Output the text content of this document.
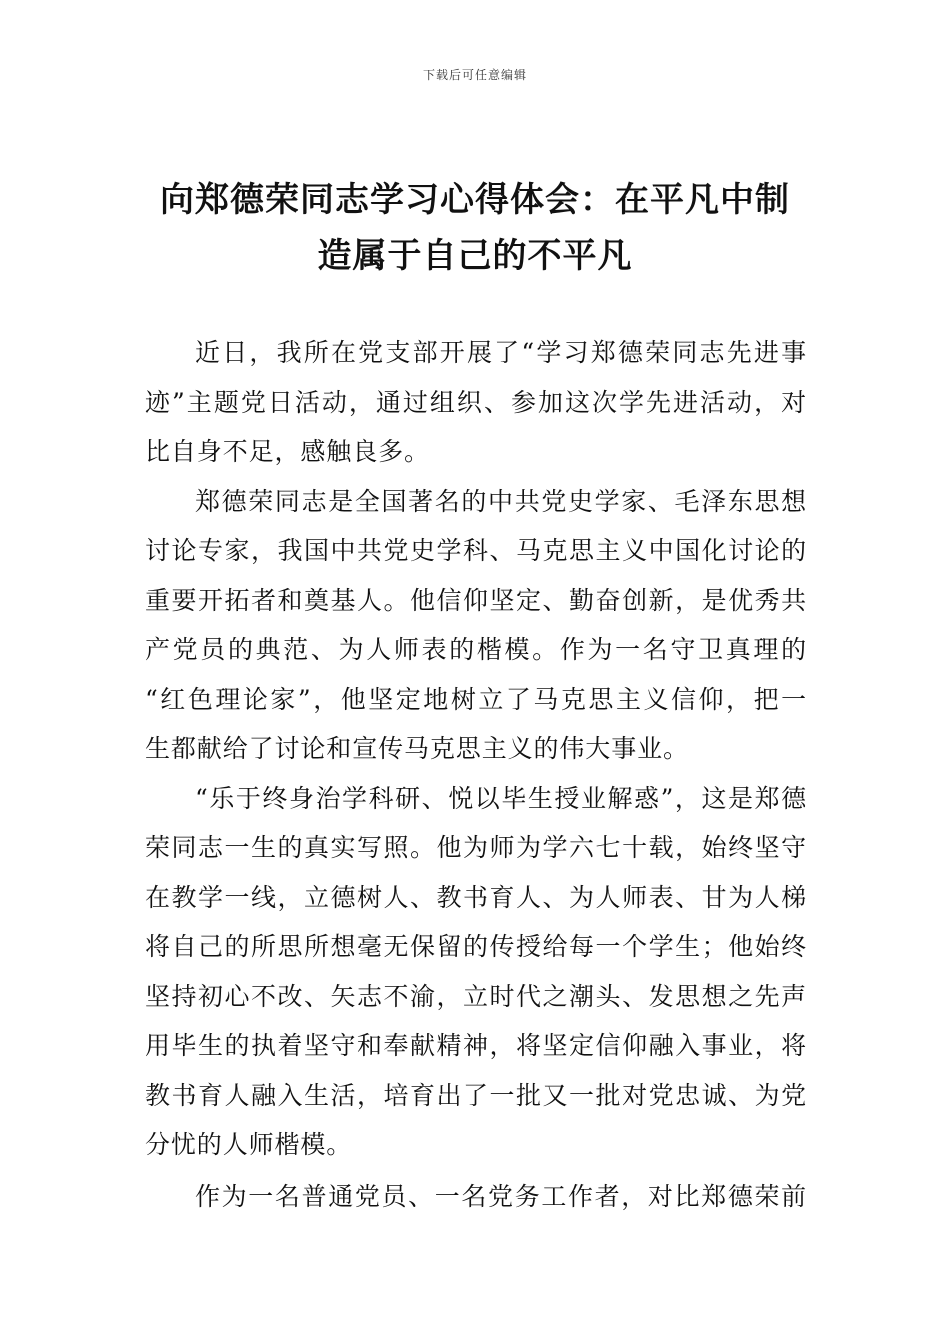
下载后可任意编辑
向郑德荣同志学习心得体会：在平凡中制
造属于自己的不平凡

近日，我所在党支部开展了“学习郑德荣同志先进事
迹”主题党日活动，通过组织、参加这次学先进活动，对
比自身不足，感触良多。

郑德荣同志是全国著名的中共党史学家、毛泽东思想
讨论专家，我国中共党史学科、马克思主义中国化讨论的
重要开拓者和奠基人。他信仰坚定、勤奋创新，是优秀共
产党员的典范、为人师表的楷模。作为一名守卫真理的
“红色理论家”，他坚定地树立了马克思主义信仰，把一
生都献给了讨论和宣传马克思主义的伟大事业。

“乐于终身治学科研、悦以毕生授业解惑”，这是郑德
荣同志一生的真实写照。他为师为学六七十载，始终坚守
在教学一线，立德树人、教书育人、为人师表、甘为人梯
将自己的所思所想毫无保留的传授给每一个学生；他始终
坚持初心不改、矢志不渝，立时代之潮头、发思想之先声
用毕生的执着坚守和奉献精神，将坚定信仰融入事业，将
教书育人融入生活，培育出了一批又一批对党忠诚、为党
分忧的人师楷模。

作为一名普通党员、一名党务工作者，对比郑德荣前
